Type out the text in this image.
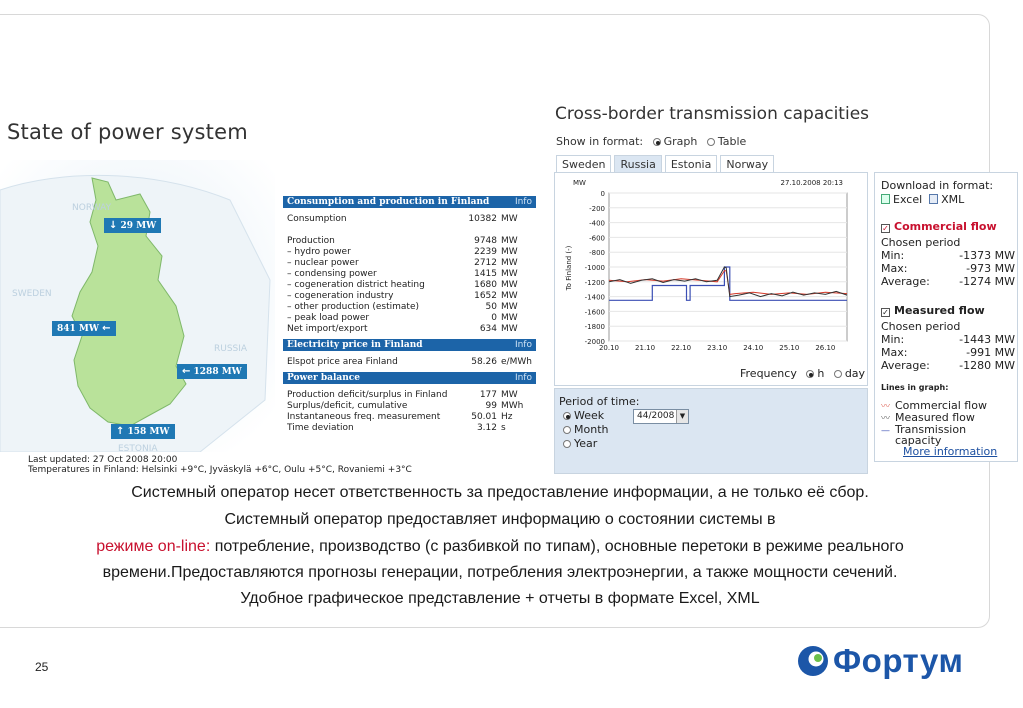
State of power system
NORWAY
SWEDEN
RUSSIA
ESTONIA
↓ 29 MW
841 MW ←
← 1288 MW
↑ 158 MW
Last updated: 27 Oct 2008 20:00
Temperatures in Finland: Helsinki +9°C, Jyväskylä +6°C, Oulu +5°C, Rovaniemi +3°C
Consumption and production in Finland	Info
Consumption	10382 MW
Production	9748 MW
– hydro power	2239 MW
– nuclear power	2712 MW
– condensing power	1415 MW
– cogeneration district heating	1680 MW
– cogeneration industry	1652 MW
– other production (estimate)	50 MW
– peak load power	0 MW
Net import/export	634 MW
Electricity price in Finland	Info
Elspot price area Finland	58.26 e/MWh
Power balance	Info
Production deficit/surplus in Finland	177 MW
Surplus/deficit, cumulative	99 MWh
Instantaneous freq. measurement	50.01 Hz
Time deviation	3.12 s
Cross-border transmission capacities
Show in format: Graph Table
Sweden	Russia	Estonia	Norway
0
-200
-400
-600
-800
-1000
-1200
-1400
-1600
-1800
-2000
20.10 21.10 22.10 23.10 24.10 25.10 26.10
MW	27.10.2008 20:13
To Finland (-)
Frequency h day
Period of time:
Week	44/2008 ▼
Month
Year
Download in format:
Excel XML
✓ Commercial flow
Chosen period
Min:	-1373 MW
Max:	-973 MW
Average:	-1274 MW
✓ Measured flow
Chosen period
Min:	-1443 MW
Max:	-991 MW
Average:	-1280 MW
Lines in graph:
〰 Commercial flow
〰 Measured flow
— Transmission
capacity
More information
Системный оператор несет ответственность за предоставление информации, а не только её сбор.
Системный оператор предоставляет информацию о состоянии системы в
режиме on-line: потребление, производство (с разбивкой по типам), основные перетоки в режиме реального
времени.Предоставляются прогнозы генерации, потребления электроэнергии, а также мощности сечений.
Удобное графическое представление + отчеты в формате Excel, XML
25	Фортум
